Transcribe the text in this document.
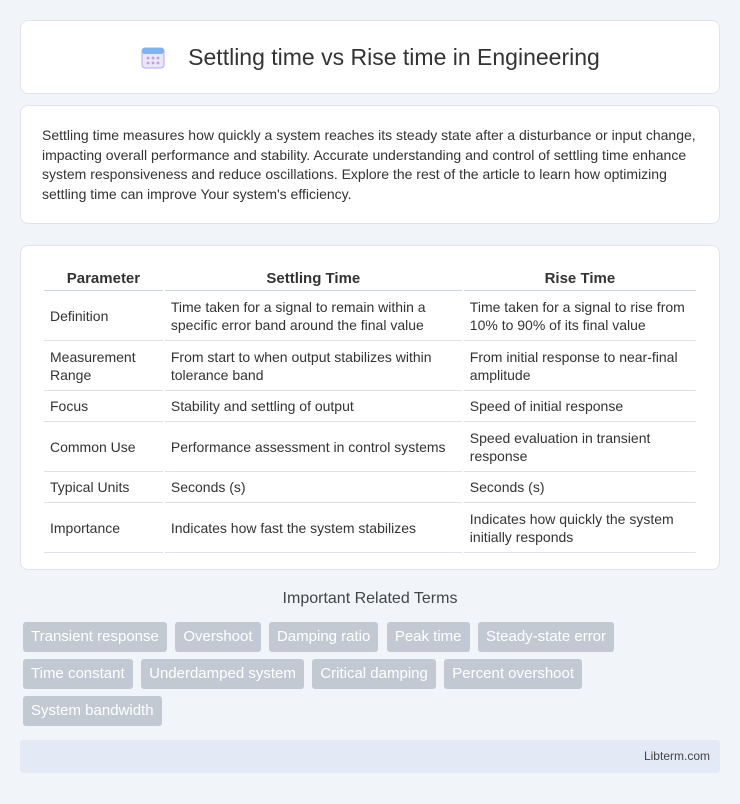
Settling time vs Rise time in Engineering

Settling time measures how quickly a system reaches its steady state after a disturbance or input change, impacting overall performance and stability. Accurate understanding and control of settling time enhance system responsiveness and reduce oscillations. Explore the rest of the article to learn how optimizing settling time can improve Your system's efficiency.

Parameter	Settling Time	Rise Time
Definition	Time taken for a signal to remain within a specific error band around the final value	Time taken for a signal to rise from 10% to 90% of its final value
Measurement Range	From start to when output stabilizes within tolerance band	From initial response to near-final amplitude
Focus	Stability and settling of output	Speed of initial response
Common Use	Performance assessment in control systems	Speed evaluation in transient response
Typical Units	Seconds (s)	Seconds (s)
Importance	Indicates how fast the system stabilizes	Indicates how quickly the system initially responds
Important Related Terms
Transient response Overshoot Damping ratio Peak time Steady-state error Time constant Underdamped system Critical damping Percent overshoot System bandwidth
Libterm.com
